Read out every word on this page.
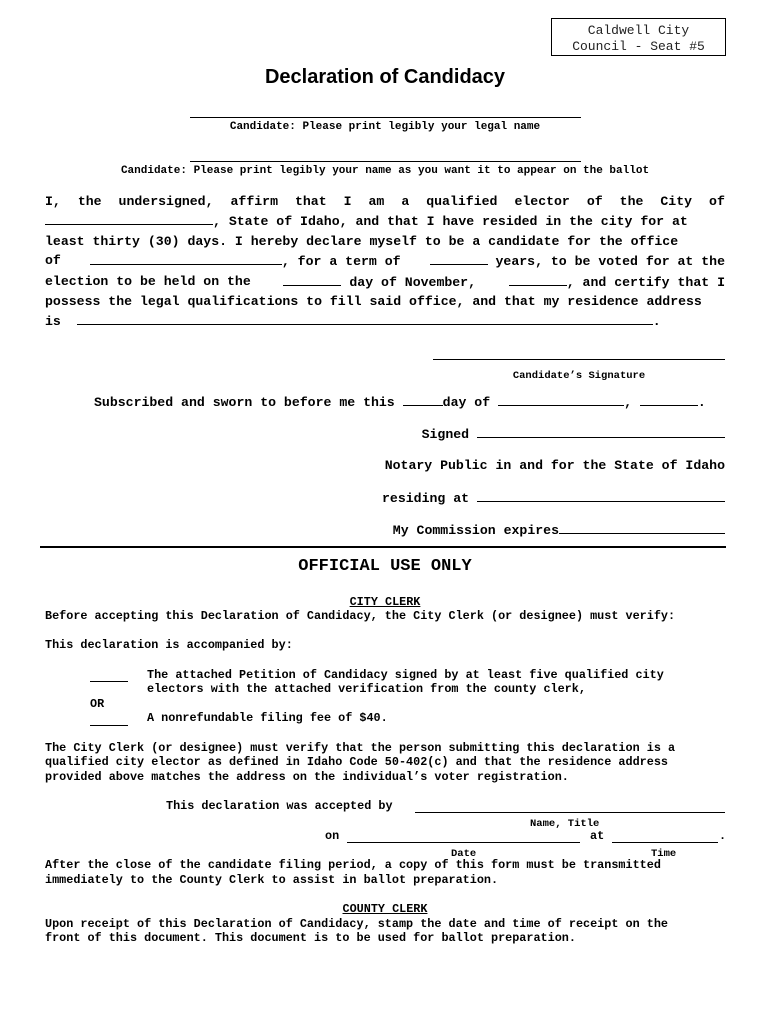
Caldwell City
Council - Seat #5
Declaration of Candidacy
Candidate: Please print legibly your legal name
Candidate: Please print legibly your name as you want it to appear on the ballot
I, the undersigned, affirm that I am a qualified elector of the City of
, State of Idaho, and that I have resided in the city for at
least thirty (30) days. I hereby declare myself to be a candidate for the office
of	, for a term of	years, to be voted for at the
election to be held on the	day of November,	, and certify that I
possess the legal qualifications to fill said office, and that my residence address
is	.
Candidate’s Signature
Subscribed and sworn to before me this	day of	,	.
Signed
Notary Public in and for the State of Idaho
residing at
My Commission expires
OFFICIAL USE ONLY
CITY CLERK
Before accepting this Declaration of Candidacy, the City Clerk (or designee) must verify:
This declaration is accompanied by:
The attached Petition of Candidacy signed by at least five qualified city
electors with the attached verification from the county clerk,
OR
A nonrefundable filing fee of $40.
The City Clerk (or designee) must verify that the person submitting this declaration is a
qualified city elector as defined in Idaho Code 50-402(c) and that the residence address
provided above matches the address on the individual’s voter registration.
This declaration was accepted by
Name, Title
on	at	.
Date	Time
After the close of the candidate filing period, a copy of this form must be transmitted
immediately to the County Clerk to assist in ballot preparation.
COUNTY CLERK
Upon receipt of this Declaration of Candidacy, stamp the date and time of receipt on the
front of this document. This document is to be used for ballot preparation.
